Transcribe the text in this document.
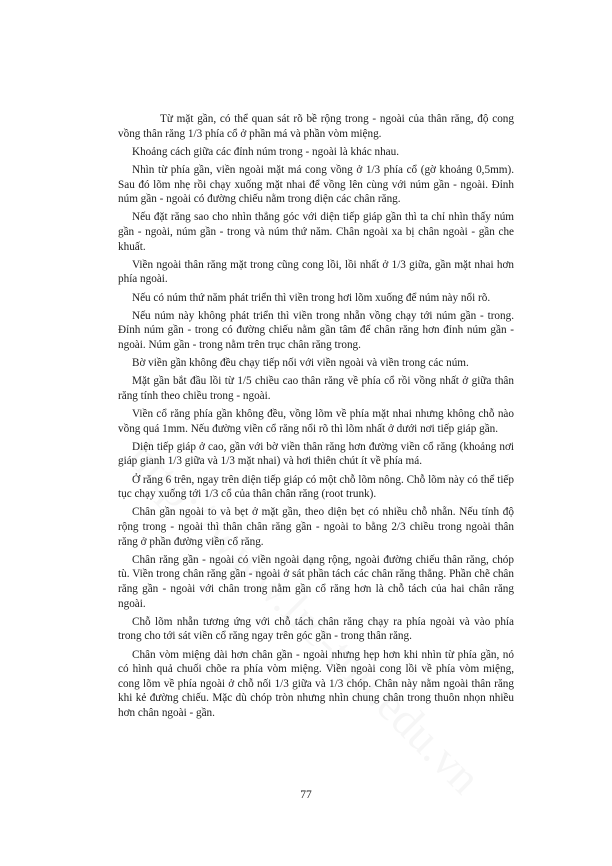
Từ mặt gần, có thể quan sát rõ bề rộng trong - ngoài của thân răng, độ cong vồng thân răng 1/3 phía cổ ở phần má và phần vòm miệng.

Khoảng cách giữa các đỉnh núm trong - ngoài là khác nhau.

Nhìn từ phía gần, viền ngoài mặt má cong vồng ở 1/3 phía cổ (gờ khoảng 0,5mm). Sau đó lõm nhẹ rồi chạy xuống mặt nhai để vồng lên cùng với núm gần - ngoài. Đỉnh núm gần - ngoài có đường chiếu nằm trong diện các chân răng.

Nếu đặt răng sao cho nhìn thẳng góc với diện tiếp giáp gần thì ta chỉ nhìn thấy núm gần - ngoài, núm gần - trong và núm thứ năm. Chân ngoài xa bị chân ngoài - gần che khuất.

Viền ngoài thân răng mặt trong cũng cong lồi, lồi nhất ở 1/3 giữa, gần mặt nhai hơn phía ngoài.

Nếu có núm thứ năm phát triển thì viền trong hơi lõm xuống để núm này nổi rõ.

Nếu núm này không phát triển thì viền trong nhẵn vồng chạy tới núm gần - trong. Đỉnh núm gần - trong có đường chiếu nằm gần tâm để chân răng hơn đỉnh núm gần - ngoài. Núm gần - trong nằm trên trục chân răng trong.

Bờ viền gần không đều chạy tiếp nối với viền ngoài và viền trong các núm.

Mặt gần bắt đầu lồi từ 1/5 chiều cao thân răng về phía cổ rồi vồng nhất ở giữa thân răng tính theo chiều trong - ngoài.

Viền cổ răng phía gần không đều, vồng lõm về phía mặt nhai nhưng không chỗ nào vồng quá 1mm. Nếu đường viền cổ răng nổi rõ thì lõm nhất ở dưới nơi tiếp giáp gần.

Diện tiếp giáp ở cao, gần với bờ viền thân răng hơn đường viền cổ răng (khoảng nơi giáp gianh 1/3 giữa và 1/3 mặt nhai) và hơi thiên chút ít về phía má.

Ở răng 6 trên, ngay trên diện tiếp giáp có một chỗ lõm nông. Chỗ lõm này có thể tiếp tục chạy xuống tới 1/3 cổ của thân chân răng (root trunk).

Chân gần ngoài to và bẹt ở mặt gần, theo diện bẹt có nhiều chỗ nhẵn. Nếu tính độ rộng trong - ngoài thì thân chân răng gần - ngoài to bằng 2/3 chiều trong ngoài thân răng ở phần đường viền cổ răng.

Chân răng gần - ngoài có viền ngoài dạng rộng, ngoài đường chiếu thân răng, chóp tù. Viền trong chân răng gần - ngoài ở sát phần tách các chân răng thẳng. Phần chẽ chân răng gần - ngoài với chân trong nằm gần cổ răng hơn là chỗ tách của hai chân răng ngoài.

Chỗ lõm nhẵn tương ứng với chỗ tách chân răng chạy ra phía ngoài và vào phía trong cho tới sát viền cổ răng ngay trên góc gần - trong thân răng.

Chân vòm miệng dài hơn chân gần - ngoài nhưng hẹp hơn khi nhìn từ phía gần, nó có hình quả chuối chõe ra phía vòm miệng. Viền ngoài cong lồi về phía vòm miệng, cong lõm về phía ngoài ở chỗ nối 1/3 giữa và 1/3 chóp. Chân này nằm ngoài thân răng khi kẻ đường chiếu. Mặc dù chóp tròn nhưng nhìn chung chân trong thuôn nhọn nhiều hơn chân ngoài - gần.

77
